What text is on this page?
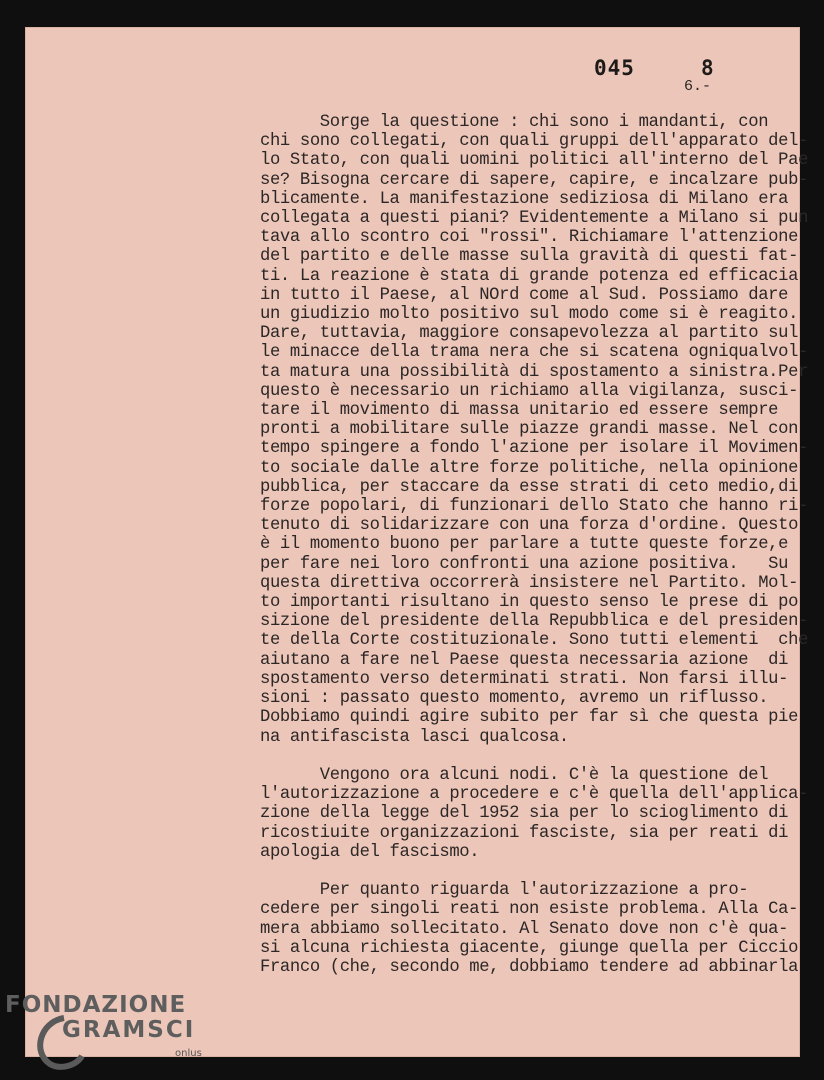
045	8
6.-
Sorge la questione : chi sono i mandanti, con
chi sono collegati, con quali gruppi dell'apparato del-
lo Stato, con quali uomini politici all'interno del Pae
se? Bisogna cercare di sapere, capire, e incalzare pub-
blicamente. La manifestazione sediziosa di Milano era
collegata a questi piani? Evidentemente a Milano si pun
tava allo scontro coi "rossi". Richiamare l'attenzione
del partito e delle masse sulla gravità di questi fat-
ti. La reazione è stata di grande potenza ed efficacia
in tutto il Paese, al NOrd come al Sud. Possiamo dare
un giudizio molto positivo sul modo come si è reagito.
Dare, tuttavia, maggiore consapevolezza al partito sul
le minacce della trama nera che si scatena ogniqualvol-
ta matura una possibilità di spostamento a sinistra.Per
questo è necessario un richiamo alla vigilanza, susci-
tare il movimento di massa unitario ed essere sempre
pronti a mobilitare sulle piazze grandi masse. Nel con
tempo spingere a fondo l'azione per isolare il Movimen-
to sociale dalle altre forze politiche, nella opinione
pubblica, per staccare da esse strati di ceto medio,di
forze popolari, di funzionari dello Stato che hanno ri-
tenuto di solidarizzare con una forza d'ordine. Questo
è il momento buono per parlare a tutte queste forze,e
per fare nei loro confronti una azione positiva.   Su
questa direttiva occorrerà insistere nel Partito. Mol-
to importanti risultano in questo senso le prese di po
sizione del presidente della Repubblica e del presiden-
te della Corte costituzionale. Sono tutti elementi  che
aiutano a fare nel Paese questa necessaria azione  di
spostamento verso determinati strati. Non farsi illu-
sioni : passato questo momento, avremo un riflusso.
Dobbiamo quindi agire subito per far sì che questa pie
na antifascista lasci qualcosa.
Vengono ora alcuni nodi. C'è la questione del
l'autorizzazione a procedere e c'è quella dell'applica-
zione della legge del 1952 sia per lo scioglimento di
ricostiuite organizzazioni fasciste, sia per reati di
apologia del fascismo.
Per quanto riguarda l'autorizzazione a pro-
cedere per singoli reati non esiste problema. Alla Ca-
mera abbiamo sollecitato. Al Senato dove non c'è qua-
si alcuna richiesta giacente, giunge quella per Ciccio
Franco (che, secondo me, dobbiamo tendere ad abbinarla
FONDAZIONE
GRAMSCI
onlus
